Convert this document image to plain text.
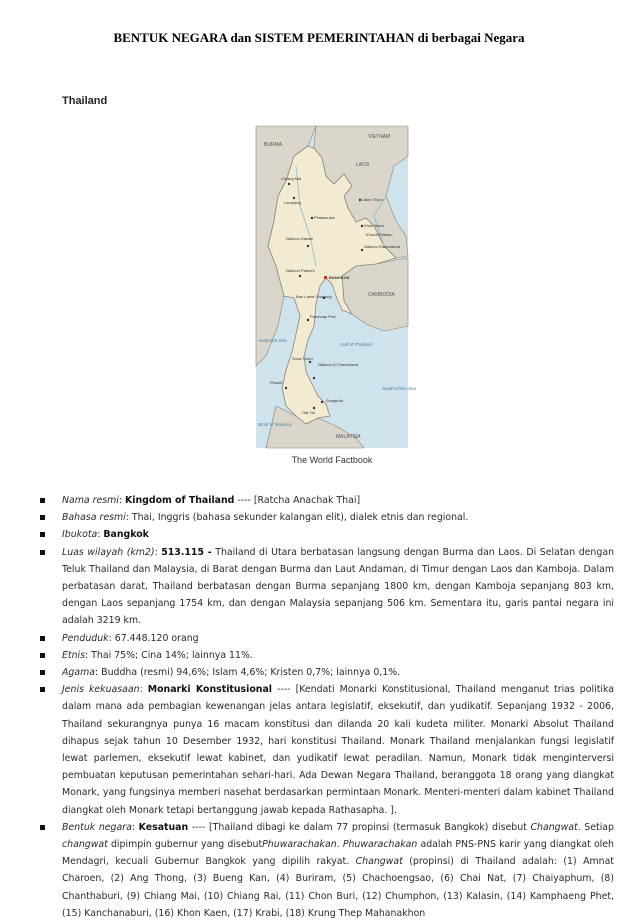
BENTUK NEGARA dan SISTEM PEMERINTAHAN di berbagai Negara
Thailand
Chiang Mai
Lampang
Phitsanulok
Udon Thani
Khon Kaen
Khorat Plateau
Nakhon Ratchasima
Nakhon Sawan
Nakhon Pathom
BANGKOK
Ban Laem Chabang
Prachuap Port
Surat Thani
Nakhon Si Thammarat
Songkhla
Phuket
Hat Yai
BURMA
VIETNAM
LAOS
CAMBODIA
MALAYSIA
Gulf of Thailand
South China Sea
Strait of Malacca
Andaman Sea
The World Factbook
Nama resmi: Kingdom of Thailand ---- [Ratcha Anachak Thai]
Bahasa resmi: Thai, Inggris (bahasa sekunder kalangan elit), dialek etnis dan regional.
Ibukota: Bangkok
Luas wilayah (km2): 513.115 - Thailand di Utara berbatasan langsung dengan Burma dan Laos. Di Selatan dengan Teluk Thailand dan Malaysia, di Barat dengan Burma dan Laut Andaman, di Timur dengan Laos dan Kamboja. Dalam perbatasan darat, Thailand berbatasan dengan Burma sepanjang 1800 km, dengan Kamboja sepanjang 803 km, dengan Laos sepanjang 1754 km, dan dengan Malaysia sepanjang 506 km. Sementara itu, garis pantai negara ini adalah 3219 km.
Penduduk: 67.448.120 orang
Etnis: Thai 75%; Cina 14%; lainnya 11%.
Agama: Buddha (resmi) 94,6%; Islam 4,6%; Kristen 0,7%; lainnya 0,1%.
Jenis kekuasaan: Monarki Konstitusional ---- [Kendati Monarki Konstitusional, Thailand menganut trias politika dalam mana ada pembagian kewenangan jelas antara legislatif, eksekutif, dan yudikatif. Sepanjang 1932 - 2006, Thailand sekurangnya punya 16 macam konstitusi dan dilanda 20 kali kudeta militer. Monarki Absolut Thailand dihapus sejak tahun 10 Desember 1932, hari konstitusi Thailand. Monark Thailand menjalankan fungsi legislatif lewat parlemen, eksekutif lewat kabinet, dan yudikatif lewat peradilan. Namun, Monark tidak menginterversi pembuatan keputusan pemerintahan sehari-hari. Ada Dewan Negara Thailand, beranggota 18 orang yang diangkat Monark, yang fungsinya memberi nasehat berdasarkan permintaan Monark. Menteri-menteri dalam kabinet Thailand diangkat oleh Monark tetapi bertanggung jawab kepada Rathasapha. ].
Bentuk negara: Kesatuan ---- [Thailand dibagi ke dalam 77 propinsi (termasuk Bangkok) disebut Changwat. Setiap changwat dipimpin gubernur yang disebutPhuwarachakan. Phuwarachakan adalah PNS-PNS karir yang diangkat oleh Mendagri, kecuali Gubernur Bangkok yang dipilih rakyat. Changwat (propinsi) di Thailand adalah: (1) Amnat Charoen, (2) Ang Thong, (3) Bueng Kan, (4) Buriram, (5) Chachoengsao, (6) Chai Nat, (7) Chaiyaphum, (8) Chanthaburi, (9) Chiang Mai, (10) Chiang Rai, (11) Chon Buri, (12) Chumphon, (13) Kalasin, (14) Kamphaeng Phet, (15) Kanchanaburi, (16) Khon Kaen, (17) Krabi, (18) Krung Thep Mahanakhon
